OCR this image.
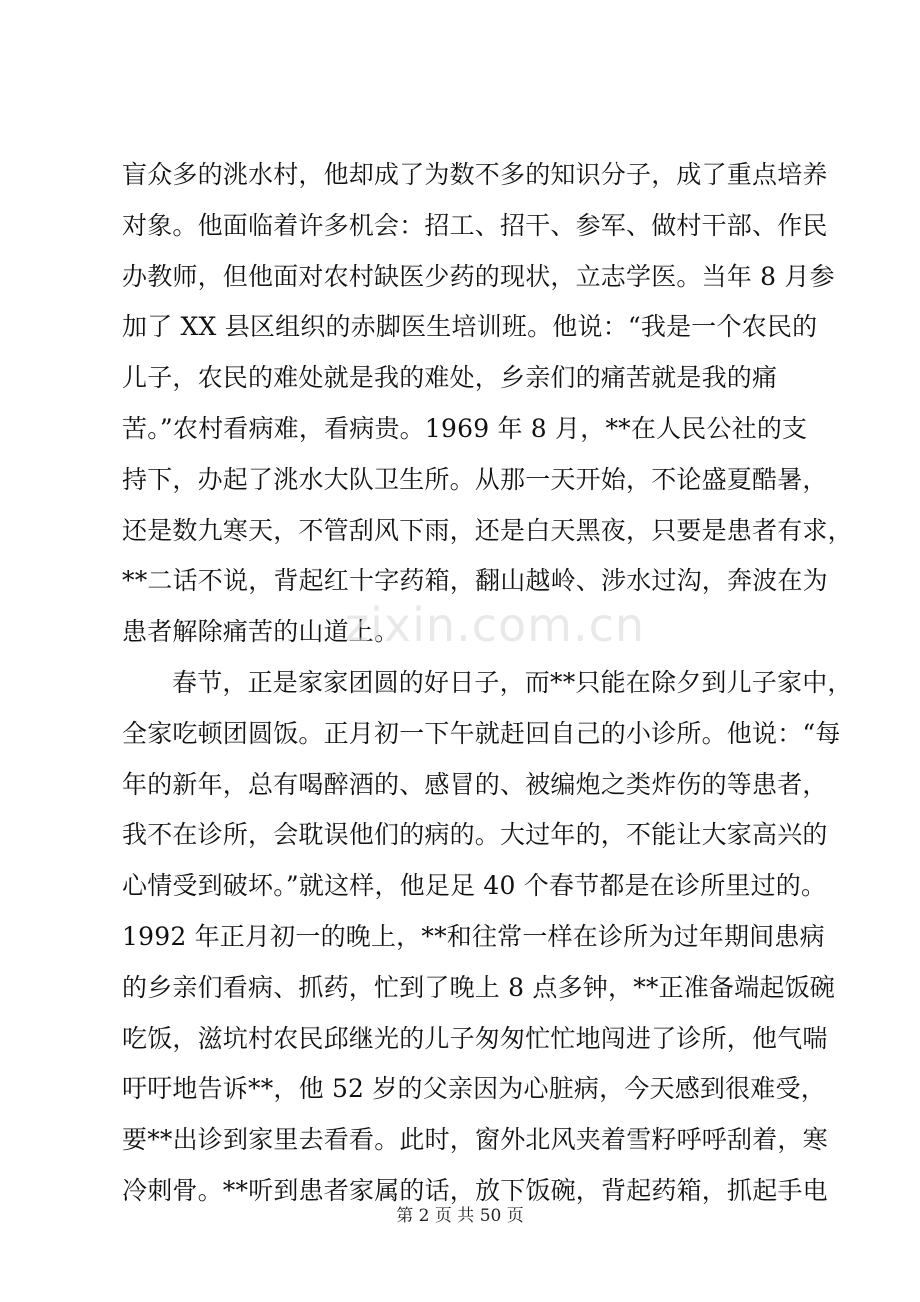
盲众多的洮水村，他却成了为数不多的知识分子，成了重点培养
对象。他面临着许多机会：招工、招干、参军、做村干部、作民
办教师，但他面对农村缺医少药的现状，立志学医。当年 8 月参
加了 XX 县区组织的赤脚医生培训班。他说：“我是一个农民的
儿子，农民的难处就是我的难处，乡亲们的痛苦就是我的痛
苦。”农村看病难，看病贵。1969 年 8 月，**在人民公社的支
持下，办起了洮水大队卫生所。从那一天开始，不论盛夏酷暑，
还是数九寒天，不管刮风下雨，还是白天黑夜，只要是患者有求，
**二话不说，背起红十字药箱，翻山越岭、涉水过沟，奔波在为
患者解除痛苦的山道上。
春节，正是家家团圆的好日子，而**只能在除夕到儿子家中，
全家吃顿团圆饭。正月初一下午就赶回自己的小诊所。他说：“每
年的新年，总有喝醉酒的、感冒的、被编炮之类炸伤的等患者，
我不在诊所，会耽误他们的病的。大过年的，不能让大家高兴的
心情受到破坏。”就这样，他足足 40 个春节都是在诊所里过的。
1992 年正月初一的晚上，**和往常一样在诊所为过年期间患病
的乡亲们看病、抓药，忙到了晚上 8 点多钟，**正准备端起饭碗
吃饭，滋坑村农民邱继光的儿子匆匆忙忙地闯进了诊所，他气喘
吁吁地告诉**，他 52 岁的父亲因为心脏病，今天感到很难受，
要**出诊到家里去看看。此时，窗外北风夹着雪籽呼呼刮着，寒
冷刺骨。**听到患者家属的话，放下饭碗，背起药箱，抓起手电
zixin.com.cn
第 2 页 共 50 页
